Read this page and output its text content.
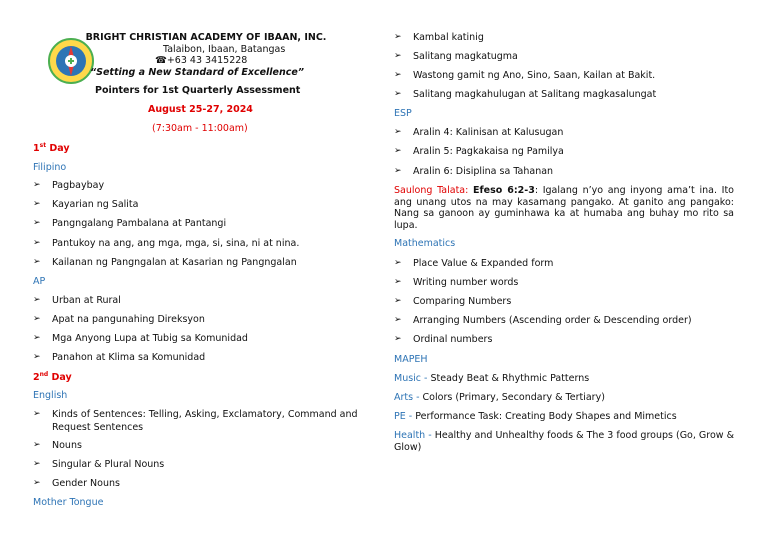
BRIGHT CHRISTIAN ACADEMY OF IBAAN, INC.
Talaibon, Ibaan, Batangas
☎+63 43 3415228
“Setting a New Standard of Excellence”
Pointers for 1st Quarterly Assessment
August 25-27, 2024
(7:30am - 11:00am)
1st Day
Filipino
➢ Pagbaybay
➢ Kayarian ng Salita
➢ Pangngalang Pambalana at Pantangi
➢ Pantukoy na ang, ang mga, mga, si, sina, ni at nina.
➢ Kailanan ng Pangngalan at Kasarian ng Pangngalan
AP
➢ Urban at Rural
➢ Apat na pangunahing Direksyon
➢ Mga Anyong Lupa at Tubig sa Komunidad
➢ Panahon at Klima sa Komunidad
2nd Day
English
➢ Kinds of Sentences: Telling, Asking, Exclamatory, Command and Request Sentences
➢ Nouns
➢ Singular & Plural Nouns
➢ Gender Nouns
Mother Tongue
➢ Kambal katinig
➢ Salitang magkatugma
➢ Wastong gamit ng Ano, Sino, Saan, Kailan at Bakit.
➢ Salitang magkahulugan at Salitang magkasalungat
ESP
➢ Aralin 4: Kalinisan at Kalusugan
➢ Aralin 5: Pagkakaisa ng Pamilya
➢ Aralin 6: Disiplina sa Tahanan
Saulong Talata: Efeso 6:2-3: Igalang n’yo ang inyong ama’t ina. Ito ang unang utos na may kasamang pangako. At ganito ang pangako: Nang sa ganoon ay guminhawa ka at humaba ang buhay mo rito sa lupa.
Mathematics
➢ Place Value & Expanded form
➢ Writing number words
➢ Comparing Numbers
➢ Arranging Numbers (Ascending order & Descending order)
➢ Ordinal numbers
MAPEH
Music - Steady Beat & Rhythmic Patterns
Arts - Colors (Primary, Secondary & Tertiary)
PE - Performance Task: Creating Body Shapes and Mimetics
Health - Healthy and Unhealthy foods & The 3 food groups (Go, Grow & Glow)
